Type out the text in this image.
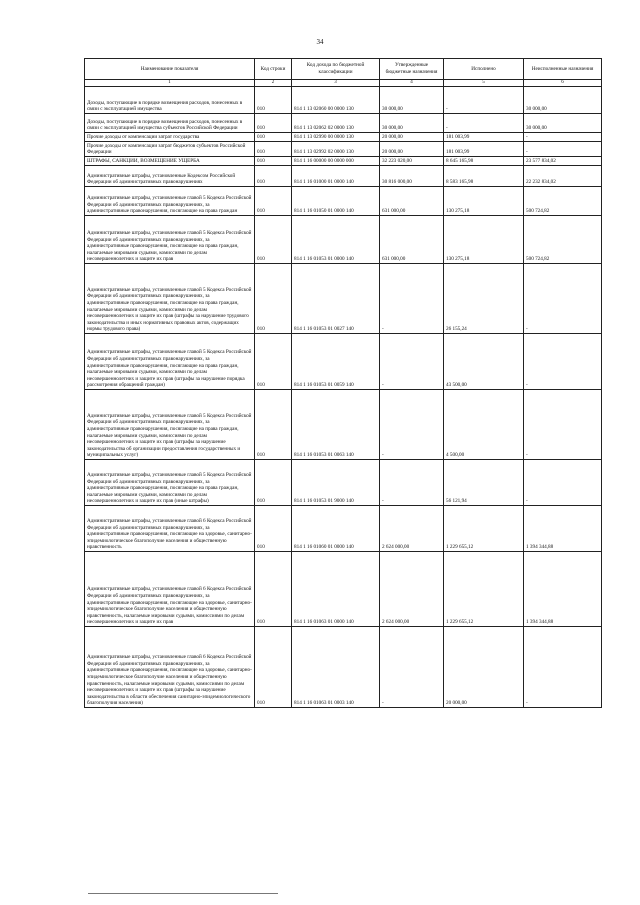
34
Наименование показателя	Код строки	Код дохода по бюджетной классификации	Утвержденные бюджетные назначения	Исполнено	Неисполненные назначения
1	2	3	4	5	6
Доходы, поступающие в порядке возмещения расходов, понесенных в связи с эксплуатацией имущества	010	814 1 13 02060 00 0000 130	30 000,00	-	30 000,00
Доходы, поступающие в порядке возмещения расходов, понесенных в связи с эксплуатацией имущества субъектов Российской Федерации	010	814 1 13 02062 02 0000 130	30 000,00	-	30 000,00
Прочие доходы от компенсации затрат государства	010	814 1 13 02990 00 0000 130	20 000,00	181 003,99	-
Прочие доходы от компенсации затрат бюджетов субъектов Российской Федерации	010	814 1 13 02992 02 0000 130	20 000,00	181 003,99	-
ШТРАФЫ, САНКЦИИ, ВОЗМЕЩЕНИЕ УЩЕРБА	010	814 1 16 00000 00 0000 000	32 223 020,00	8 645 165,98	23 577 834,02
Административные штрафы, установленные Кодексом Российской Федерации об административных правонарушениях	010	814 1 16 01000 01 0000 140	30 816 000,00	8 583 165,98	22 232 834,02
Административные штрафы, установленные главой 5 Кодекса Российской Федерации об административных правонарушениях, за административные правонарушения, посягающие на права граждан	010	814 1 16 01050 01 0000 140	631 000,00	130 275,18	500 724,82
Административные штрафы, установленные главой 5 Кодекса Российской Федерации об административных правонарушениях, за административные правонарушения, посягающие на права граждан, налагаемые мировыми судьями, комиссиями по делам несовершеннолетних и защите их прав	010	814 1 16 01053 01 0000 140	631 000,00	130 275,18	500 724,82
Административные штрафы, установленные главой 5 Кодекса Российской Федерации об административных правонарушениях, за административные правонарушения, посягающие на права граждан, налагаемые мировыми судьями, комиссиями по делам несовершеннолетних и защите их прав (штрафы за нарушение трудового законодательства и иных нормативных правовых актов, содержащих нормы трудового права)	010	814 1 16 01053 01 0027 140	-	26 155,24	-
Административные штрафы, установленные главой 5 Кодекса Российской Федерации об административных правонарушениях, за административные правонарушения, посягающие на права граждан, налагаемые мировыми судьями, комиссиями по делам несовершеннолетних и защите их прав (штрафы за нарушение порядка рассмотрения обращений граждан)	010	814 1 16 01053 01 0059 140	-	43 500,00	-
Административные штрафы, установленные главой 5 Кодекса Российской Федерации об административных правонарушениях, за административные правонарушения, посягающие на права граждан, налагаемые мировыми судьями, комиссиями по делам несовершеннолетних и защите их прав (штрафы за нарушение законодательства об организации предоставления государственных и муниципальных услуг)	010	814 1 16 01053 01 0063 140	-	4 500,00	-
Административные штрафы, установленные главой 5 Кодекса Российской Федерации об административных правонарушениях, за административные правонарушения, посягающие на права граждан, налагаемые мировыми судьями, комиссиями по делам несовершеннолетних и защите их прав (иные штрафы)	010	814 1 16 01053 01 9000 140	-	56 121,94	-
Административные штрафы, установленные главой 6 Кодекса Российской Федерации об административных правонарушениях, за административные правонарушения, посягающие на здоровье, санитарно-эпидемиологическое благополучие населения и общественную нравственность	010	814 1 16 01060 01 0000 140	2 624 000,00	1 229 655,12	1 394 344,88
Административные штрафы, установленные главой 6 Кодекса Российской Федерации об административных правонарушениях, за административные правонарушения, посягающие на здоровье, санитарно-эпидемиологическое благополучие населения и общественную нравственность, налагаемые мировыми судьями, комиссиями по делам несовершеннолетних и защите их прав	010	814 1 16 01063 01 0000 140	2 624 000,00	1 229 655,12	1 394 344,88
Административные штрафы, установленные главой 6 Кодекса Российской Федерации об административных правонарушениях, за административные правонарушения, посягающие на здоровье, санитарно-эпидемиологическое благополучие населения и общественную нравственность, налагаемые мировыми судьями, комиссиями по делам несовершеннолетних и защите их прав (штрафы за нарушение законодательства в области обеспечения санитарно-эпидемиологического благополучия населения)	010	814 1 16 01063 01 0003 140	-	20 000,00	-
